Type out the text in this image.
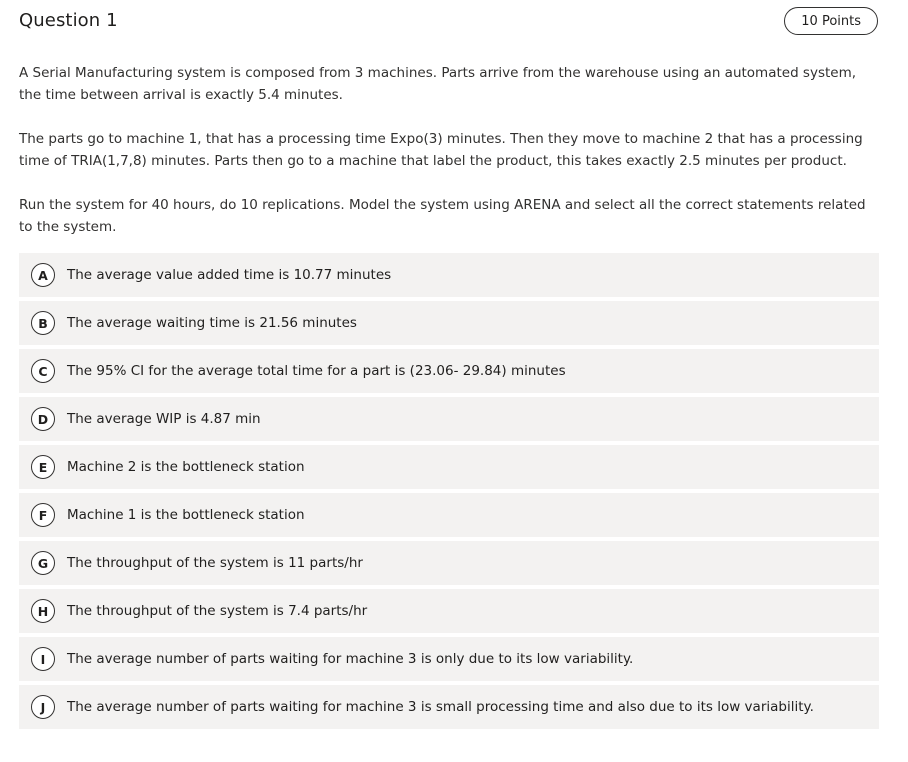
Question 1	10 Points

A Serial Manufacturing system is composed from 3 machines. Parts arrive from the warehouse using an automated system, the time between arrival is exactly 5.4 minutes.

The parts go to machine 1, that has a processing time Expo(3) minutes. Then they move to machine 2 that has a processing time of TRIA(1,7,8) minutes. Parts then go to a machine that label the product, this takes exactly 2.5 minutes per product.

Run the system for 40 hours, do 10 replications. Model the system using ARENA and select all the correct statements related to the system.

A	The average value added time is 10.77 minutes
B	The average waiting time is 21.56 minutes
C	The 95% CI for the average total time for a part is (23.06- 29.84) minutes
D	The average WIP is 4.87 min
E	Machine 2 is the bottleneck station
F	Machine 1 is the bottleneck station
G	The throughput of the system is 11 parts/hr
H	The throughput of the system is 7.4 parts/hr
I	The average number of parts waiting for machine 3 is only due to its low variability.
J	The average number of parts waiting for machine 3 is small processing time and also due to its low variability.
